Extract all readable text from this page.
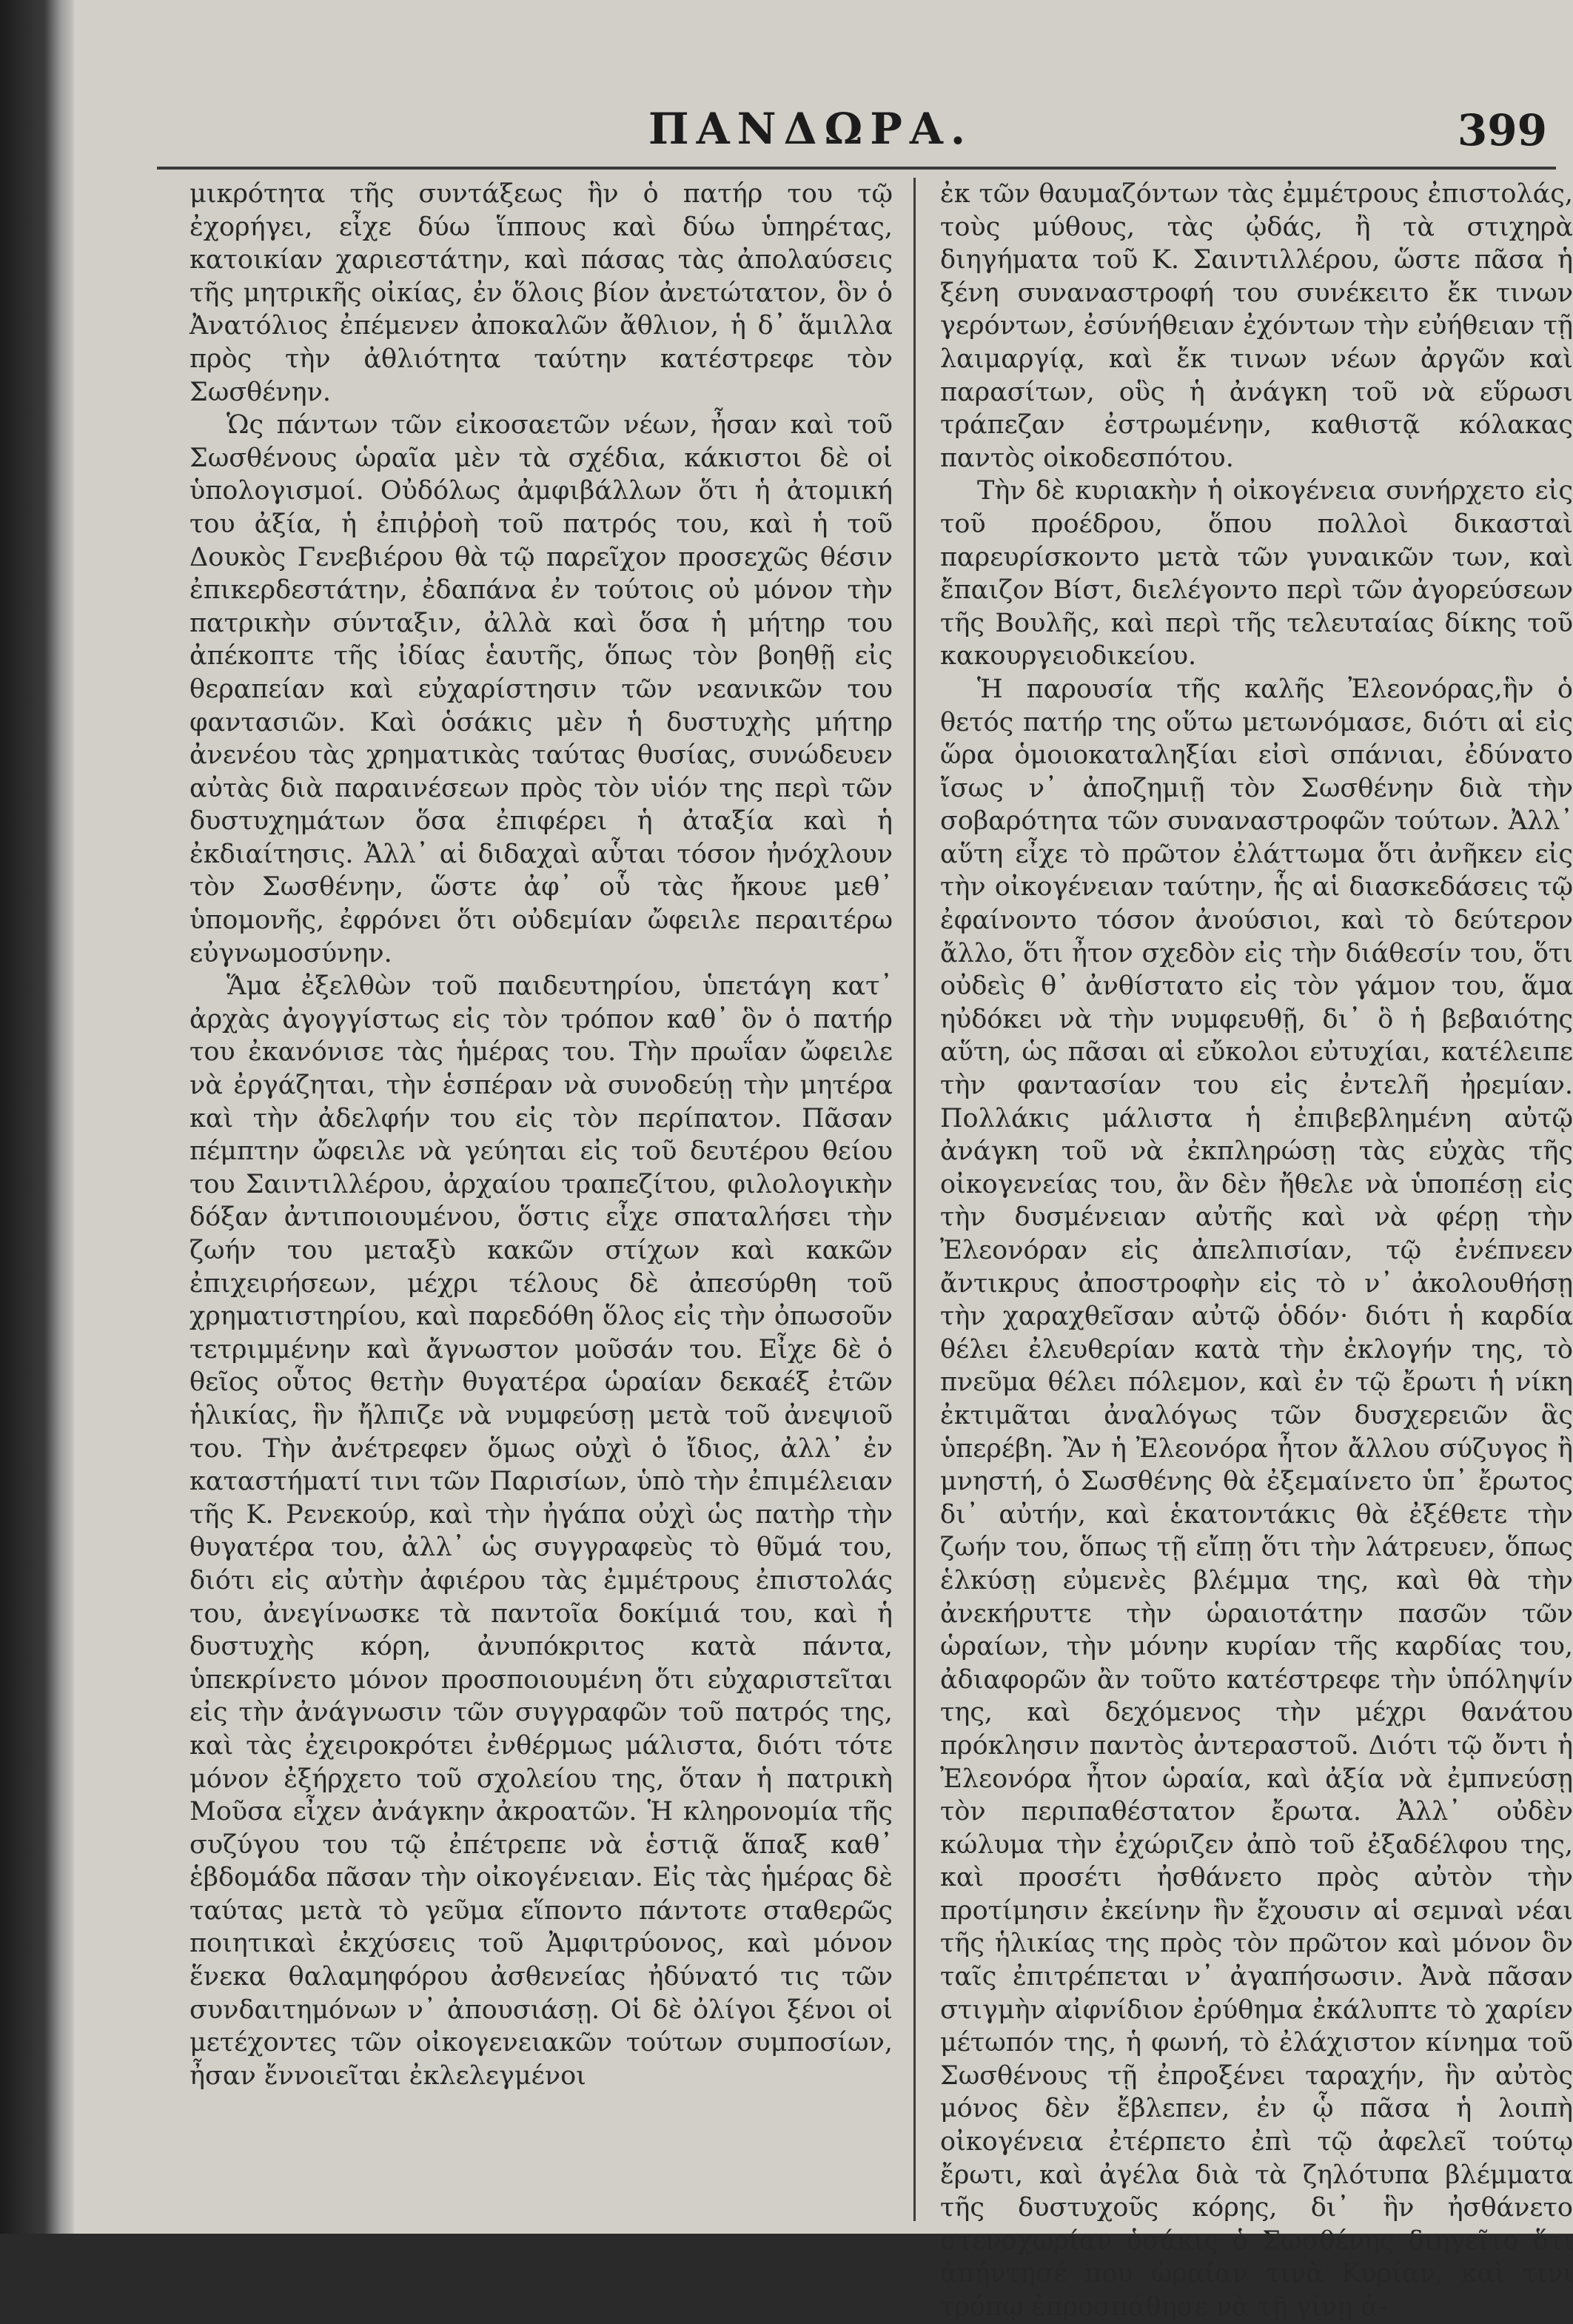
ΠΑΝΔΩΡΑ.	399

μικρότητα τῆς συντάξεως ἣν ὁ πατήρ του τῷ ἐχορήγει, εἶχε δύω ἵππους καὶ δύω ὑπηρέτας, κατοικίαν χαριεστάτην, καὶ πάσας τὰς ἀπολαύσεις τῆς μητρικῆς οἰκίας, ἐν ὅλοις βίον ἀνετώτατον, ὃν ὁ Ἀνατόλιος ἐπέμενεν ἀποκαλῶν ἄθλιον, ἡ δ᾽ ἅμιλλα πρὸς τὴν ἀθλιότητα ταύτην κατέστρεφε τὸν Σωσθένην.

Ὡς πάντων τῶν εἰκοσαετῶν νέων, ἦσαν καὶ τοῦ Σωσθένους ὡραῖα μὲν τὰ σχέδια, κάκιστοι δὲ οἱ ὑπολογισμοί. Οὐδόλως ἀμφιβάλλων ὅτι ἡ ἀτομική του ἀξία, ἡ ἐπιῤῥοὴ τοῦ πατρός του, καὶ ἡ τοῦ Δουκὸς Γενεβιέρου θὰ τῷ παρεῖχον προσεχῶς θέσιν ἐπικερδεστάτην, ἐδαπάνα ἐν τούτοις οὐ μόνον τὴν πατρικὴν σύνταξιν, ἀλλὰ καὶ ὅσα ἡ μήτηρ του ἀπέκοπτε τῆς ἰδίας ἑαυτῆς, ὅπως τὸν βοηθῇ εἰς θεραπείαν καὶ εὐχαρίστησιν τῶν νεανικῶν του φαντασιῶν. Καὶ ὁσάκις μὲν ἡ δυστυχὴς μήτηρ ἀνενέου τὰς χρηματικὰς ταύτας θυσίας, συνώδευεν αὐτὰς διὰ παραινέσεων πρὸς τὸν υἱόν της περὶ τῶν δυστυχημάτων ὅσα ἐπιφέρει ἡ ἀταξία καὶ ἡ ἐκδιαίτησις. Ἀλλ᾽ αἱ διδαχαὶ αὗται τόσον ἠνόχλουν τὸν Σωσθένην, ὥστε ἀφ᾽ οὗ τὰς ἤκουε μεθ᾽ ὑπομονῆς, ἐφρόνει ὅτι οὐδεμίαν ὤφειλε περαιτέρω εὐγνωμοσύνην.

Ἅμα ἐξελθὼν τοῦ παιδευτηρίου, ὑπετάγη κατ᾽ ἀρχὰς ἀγογγίστως εἰς τὸν τρόπον καθ᾽ ὃν ὁ πατήρ του ἐκανόνισε τὰς ἡμέρας του. Τὴν πρωΐαν ὤφειλε νὰ ἐργάζηται, τὴν ἑσπέραν νὰ συνοδεύῃ τὴν μητέρα καὶ τὴν ἀδελφήν του εἰς τὸν περίπατον. Πᾶσαν πέμπτην ὤφειλε νὰ γεύηται εἰς τοῦ δευτέρου θείου του Σαιντιλλέρου, ἀρχαίου τραπεζίτου, φιλολογικὴν δόξαν ἀντιποιουμένου, ὅστις εἶχε σπαταλήσει τὴν ζωήν του μεταξὺ κακῶν στίχων καὶ κακῶν ἐπιχειρήσεων, μέχρι τέλους δὲ ἀπεσύρθη τοῦ χρηματιστηρίου, καὶ παρεδόθη ὅλος εἰς τὴν ὀπωσοῦν τετριμμένην καὶ ἄγνωστον μοῦσάν του. Εἶχε δὲ ὁ θεῖος οὗτος θετὴν θυγατέρα ὡραίαν δεκαέξ ἐτῶν ἡλικίας, ἣν ἤλπιζε νὰ νυμφεύσῃ μετὰ τοῦ ἀνεψιοῦ του. Τὴν ἀνέτρεφεν ὅμως οὐχὶ ὁ ἴδιος, ἀλλ᾽ ἐν καταστήματί τινι τῶν Παρισίων, ὑπὸ τὴν ἐπιμέλειαν τῆς Κ. Ρενεκούρ, καὶ τὴν ἠγάπα οὐχὶ ὡς πατὴρ τὴν θυγατέρα του, ἀλλ᾽ ὡς συγγραφεὺς τὸ θῦμά του, διότι εἰς αὐτὴν ἀφιέρου τὰς ἐμμέτρους ἐπιστολάς του, ἀνεγίνωσκε τὰ παντοῖα δοκίμιά του, καὶ ἡ δυστυχὴς κόρη, ἀνυπόκριτος κατὰ πάντα, ὑπεκρίνετο μόνον προσποιουμένη ὅτι εὐχαριστεῖται εἰς τὴν ἀνάγνωσιν τῶν συγγραφῶν τοῦ πατρός της, καὶ τὰς ἐχειροκρότει ἐνθέρμως μάλιστα, διότι τότε μόνον ἐξήρχετο τοῦ σχολείου της, ὅταν ἡ πατρικὴ Μοῦσα εἶχεν ἀνάγκην ἀκροατῶν. Ἡ κληρονομία τῆς συζύγου του τῷ ἐπέτρεπε νὰ ἑστιᾷ ἅπαξ καθ᾽ ἑβδομάδα πᾶσαν τὴν οἰκογένειαν. Εἰς τὰς ἡμέρας δὲ ταύτας μετὰ τὸ γεῦμα εἵποντο πάντοτε σταθερῶς ποιητικαὶ ἐκχύσεις τοῦ Ἀμφιτρύονος, καὶ μόνον ἕνεκα θαλαμηφόρου ἀσθενείας ἠδύνατό τις τῶν συνδαιτημόνων ν᾽ ἀπουσιάσῃ. Οἱ δὲ ὀλίγοι ξένοι οἱ μετέχοντες τῶν οἰκογενειακῶν τούτων συμποσίων, ἦσαν ἔννοιεῖται ἐκλελεγμένοι

ἐκ τῶν θαυμαζόντων τὰς ἐμμέτρους ἐπιστολάς, τοὺς μύθους, τὰς ᾠδάς, ἢ τὰ στιχηρὰ διηγήματα τοῦ Κ. Σαιντιλλέρου, ὥστε πᾶσα ἡ ξένη συναναστροφή του συνέκειτο ἔκ τινων γερόντων, ἐσύνήθειαν ἐχόντων τὴν εὐήθειαν τῇ λαιμαργίᾳ, καὶ ἔκ τινων νέων ἀργῶν καὶ παρασίτων, οὓς ἡ ἀνάγκη τοῦ νὰ εὕρωσι τράπεζαν ἐστρωμένην, καθιστᾷ κόλακας παντὸς οἰκοδεσπότου.

Τὴν δὲ κυριακὴν ἡ οἰκογένεια συνήρχετο εἰς τοῦ προέδρου, ὅπου πολλοὶ δικασταὶ παρευρίσκοντο μετὰ τῶν γυναικῶν των, καὶ ἔπαιζον Βίστ, διελέγοντο περὶ τῶν ἀγορεύσεων τῆς Βουλῆς, καὶ περὶ τῆς τελευταίας δίκης τοῦ κακουργειοδικείου.

Ἡ παρουσία τῆς καλῆς Ἐλεονόρας,ἣν ὁ θετός πατήρ της οὕτω μετωνόμασε, διότι αἱ εἰς ὥρα ὁμοιοκαταληξίαι εἰσὶ σπάνιαι, ἐδύνατο ἴσως ν᾽ ἀποζημιῇ τὸν Σωσθένην διὰ τὴν σοβαρότητα τῶν συναναστροφῶν τούτων. Ἀλλ᾽ αὕτη εἶχε τὸ πρῶτον ἐλάττωμα ὅτι ἀνῆκεν εἰς τὴν οἰκογένειαν ταύτην, ἧς αἱ διασκεδάσεις τῷ ἐφαίνοντο τόσον ἀνούσιοι, καὶ τὸ δεύτερον ἄλλο, ὅτι ἦτον σχεδὸν εἰς τὴν διάθεσίν του, ὅτι οὐδεὶς θ᾽ ἀνθίστατο εἰς τὸν γάμον του, ἅμα ηὐδόκει νὰ τὴν νυμφευθῇ, δι᾽ ὃ ἡ βεβαιότης αὕτη, ὡς πᾶσαι αἱ εὔκολοι εὐτυχίαι, κατέλειπε τὴν φαντασίαν του εἰς ἐντελῆ ἠρεμίαν. Πολλάκις μάλιστα ἡ ἐπιβεβλημένη αὐτῷ ἀνάγκη τοῦ νὰ ἐκπληρώσῃ τὰς εὐχὰς τῆς οἰκογενείας του, ἂν δὲν ἤθελε νὰ ὑποπέσῃ εἰς τὴν δυσμένειαν αὐτῆς καὶ νὰ φέρῃ τὴν Ἐλεονόραν εἰς ἀπελπισίαν, τῷ ἐνέπνεεν ἄντικρυς ἀποστροφὴν εἰς τὸ ν᾽ ἀκολουθήσῃ τὴν χαραχθεῖσαν αὐτῷ ὁδόν· διότι ἡ καρδία θέλει ἐλευθερίαν κατὰ τὴν ἐκλογήν της, τὸ πνεῦμα θέλει πόλεμον, καὶ ἐν τῷ ἔρωτι ἡ νίκη ἐκτιμᾶται ἀναλόγως τῶν δυσχερειῶν ἃς ὑπερέβη. Ἂν ἡ Ἐλεονόρα ἦτον ἄλλου σύζυγος ἢ μνηστή, ὁ Σωσθένης θὰ ἐξεμαίνετο ὑπ᾽ ἔρωτος δι᾽ αὐτήν, καὶ ἑκατοντάκις θὰ ἐξέθετε τὴν ζωήν του, ὅπως τῇ εἴπῃ ὅτι τὴν λάτρευεν, ὅπως ἑλκύσῃ εὐμενὲς βλέμμα της, καὶ θὰ τὴν ἀνεκήρυττε τὴν ὡραιοτάτην πασῶν τῶν ὡραίων, τὴν μόνην κυρίαν τῆς καρδίας του, ἀδιαφορῶν ἂν τοῦτο κατέστρεφε τὴν ὑπόληψίν της, καὶ δεχόμενος τὴν μέχρι θανάτου πρόκλησιν παντὸς ἀντεραστοῦ. Διότι τῷ ὄντι ἡ Ἐλεονόρα ἦτον ὡραία, καὶ ἀξία νὰ ἐμπνεύσῃ τὸν περιπαθέστατον ἔρωτα. Ἀλλ᾽ οὐδὲν κώλυμα τὴν ἐχώριζεν ἀπὸ τοῦ ἐξαδέλφου της, καὶ προσέτι ἠσθάνετο πρὸς αὐτὸν τὴν προτίμησιν ἐκείνην ἣν ἔχουσιν αἱ σεμναὶ νέαι τῆς ἡλικίας της πρὸς τὸν πρῶτον καὶ μόνον ὃν ταῖς ἐπιτρέπεται ν᾽ ἀγαπήσωσιν. Ἀνὰ πᾶσαν στιγμὴν αἰφνίδιον ἐρύθημα ἐκάλυπτε τὸ χαρίεν μέτωπόν της, ἡ φωνή, τὸ ἐλάχιστον κίνημα τοῦ Σωσθένους τῇ ἐπροξένει ταραχήν, ἣν αὐτὸς μόνος δὲν ἔβλεπεν, ἐν ᾧ πᾶσα ἡ λοιπὴ οἰκογένεια ἐτέρπετο ἐπὶ τῷ ἀφελεῖ τούτῳ ἔρωτι, καὶ ἀγέλα διὰ τὰ ζηλότυπα βλέμματα τῆς δυστυχοῦς κόρης, δι᾽ ἣν ἠσθάνετο στενοχωρίαν ὁσάκις ὁ Σωσθένης διηγεῖτο ὅτι ἀπήντησέ που ὡραίαν τινὰ Κυρίαν, καὶ τινι τρόπῳ ἐπροσπάθησε νὰ τῇ γίνῃ ἀ-
